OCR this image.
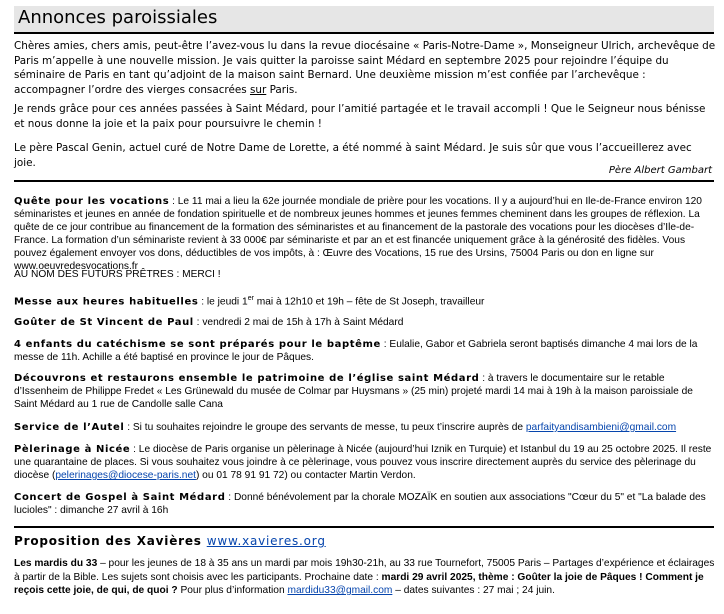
Annonces paroissiales

Chères amies, chers amis, peut-être l’avez-vous lu dans la revue diocésaine « Paris-Notre-Dame », Monseigneur Ulrich, archevêque de Paris m’appelle à une nouvelle mission. Je vais quitter la paroisse saint Médard en septembre 2025 pour rejoindre l’équipe du séminaire de Paris en tant qu’adjoint de la maison saint Bernard. Une deuxième mission m’est confiée par l’archevêque : accompagner l’ordre des vierges consacrées sur Paris.

Je rends grâce pour ces années passées à Saint Médard, pour l’amitié partagée et le travail accompli ! Que le Seigneur nous bénisse et nous donne la joie et la paix pour poursuivre le chemin !

Le père Pascal Genin, actuel curé de Notre Dame de Lorette, a été nommé à saint Médard. Je suis sûr que vous l’accueillerez avec joie.

Père Albert Gambart

Quête pour les vocations : Le 11 mai a lieu la 62e journée mondiale de prière pour les vocations. Il y a aujourd’hui en Ile-de-France environ 120 séminaristes et jeunes en année de fondation spirituelle et de nombreux jeunes hommes et jeunes femmes cheminent dans les groupes de réflexion. La quête de ce jour contribue au financement de la formation des séminaristes et au financement de la pastorale des vocations pour les diocèses d’Ile-de-France. La formation d’un séminariste revient à 33 000€ par séminariste et par an et est financée uniquement grâce à la générosité des fidèles. Vous pouvez également envoyer vos dons, déductibles de vos impôts, à : Œuvre des Vocations, 15 rue des Ursins, 75004 Paris ou don en ligne sur www.oeuvredesvocations.fr

AU NOM DES FUTURS PRÊTRES : MERCI !

Messe aux heures habituelles : le jeudi 1er mai à 12h10 et 19h – fête de St Joseph, travailleur

Goûter de St Vincent de Paul : vendredi 2 mai de 15h à 17h à Saint Médard

4 enfants du catéchisme se sont préparés pour le baptême : Eulalie, Gabor et Gabriela seront baptisés dimanche 4 mai lors de la messe de 11h. Achille a été baptisé en province le jour de Pâques.

Découvrons et restaurons ensemble le patrimoine de l’église saint Médard : à travers le documentaire sur le retable d’Issenheim de Philippe Fredet « Les Grünewald du musée de Colmar par Huysmans » (25 min) projeté mardi 14 mai à 19h à la maison paroissiale de Saint Médard au 1 rue de Candolle salle Cana

Service de l’Autel : Si tu souhaites rejoindre le groupe des servants de messe, tu peux t’inscrire auprès de parfaityandisambieni@gmail.com

Pèlerinage à Nicée : Le diocèse de Paris organise un pèlerinage à Nicée (aujourd’hui Iznik en Turquie) et Istanbul du 19 au 25 octobre 2025. Il reste une quarantaine de places. Si vous souhaitez vous joindre à ce pèlerinage, vous pouvez vous inscrire directement auprès du service des pèlerinage du diocèse (pelerinages@diocese-paris.net) ou 01 78 91 91 72) ou contacter Martin Verdon.

Concert de Gospel à Saint Médard : Donné bénévolement par la chorale MOZAÏK en soutien aux associations "Cœur du 5" et "La balade des lucioles" : dimanche 27 avril à 16h

Proposition des Xavières www.xavieres.org
Les mardis du 33 – pour les jeunes de 18 à 35 ans un mardi par mois 19h30-21h, au 33 rue Tournefort, 75005 Paris – Partages d’expérience et éclairages à partir de la Bible. Les sujets sont choisis avec les participants. Prochaine date : mardi 29 avril 2025, thème : Goûter la joie de Pâques ! Comment je reçois cette joie, de qui, de quoi ? Pour plus d’information mardidu33@gmail.com – dates suivantes : 27 mai ; 24 juin.
